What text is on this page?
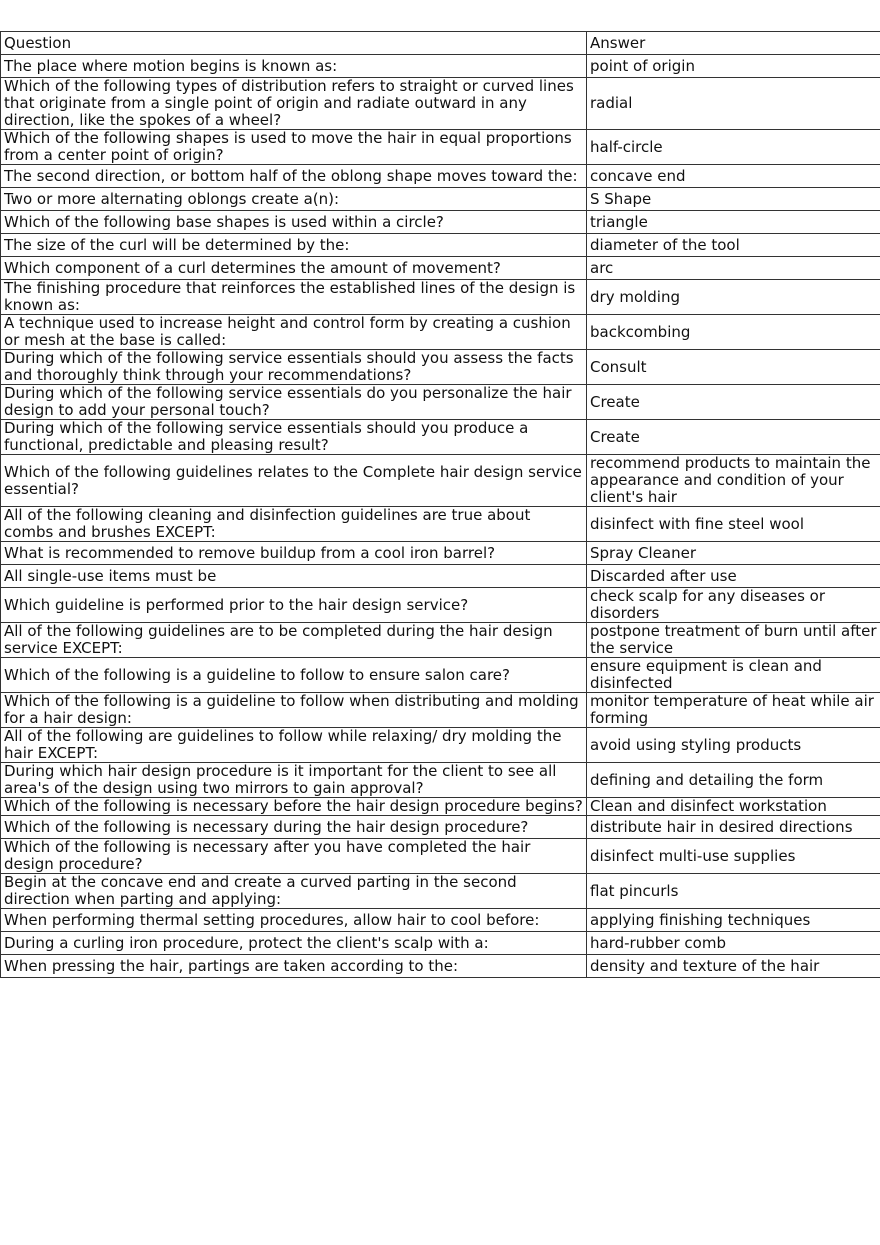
Question	Answer
The place where motion begins is known as:	point of origin
Which of the following types of distribution refers to straight or curved lines that originate from a single point of origin and radiate outward in any direction, like the spokes of a wheel?	radial
Which of the following shapes is used to move the hair in equal proportions from a center point of origin?	half-circle
The second direction, or bottom half of the oblong shape moves toward the:	concave end
Two or more alternating oblongs create a(n):	S Shape
Which of the following base shapes is used within a circle?	triangle
The size of the curl will be determined by the:	diameter of the tool
Which component of a curl determines the amount of movement?	arc
The finishing procedure that reinforces the established lines of the design is known as:	dry molding
A technique used to increase height and control form by creating a cushion or mesh at the base is called:	backcombing
During which of the following service essentials should you assess the facts and thoroughly think through your recommendations?	Consult
During which of the following service essentials do you personalize the hair design to add your personal touch?	Create
During which of the following service essentials should you produce a functional, predictable and pleasing result?	Create
Which of the following guidelines relates to the Complete hair design service essential?	recommend products to maintain the appearance and condition of your client's hair
All of the following cleaning and disinfection guidelines are true about combs and brushes EXCEPT:	disinfect with fine steel wool
What is recommended to remove buildup from a cool iron barrel?	Spray Cleaner
All single-use items must be	Discarded after use
Which guideline is performed prior to the hair design service?	check scalp for any diseases or disorders
All of the following guidelines are to be completed during the hair design service EXCEPT:	postpone treatment of burn until after the service
Which of the following is a guideline to follow to ensure salon care?	ensure equipment is clean and disinfected
Which of the following is a guideline to follow when distributing and molding for a hair design:	monitor temperature of heat while air forming
All of the following are guidelines to follow while relaxing/ dry molding the hair EXCEPT:	avoid using styling products
During which hair design procedure is it important for the client to see all area's of the design using two mirrors to gain approval?	defining and detailing the form
Which of the following is necessary before the hair design procedure begins?	Clean and disinfect workstation
Which of the following is necessary during the hair design procedure?	distribute hair in desired directions
Which of the following is necessary after you have completed the hair design procedure?	disinfect multi-use supplies
Begin at the concave end and create a curved parting in the second direction when parting and applying:	flat pincurls
When performing thermal setting procedures, allow hair to cool before:	applying finishing techniques
During a curling iron procedure, protect the client's scalp with a:	hard-rubber comb
When pressing the hair, partings are taken according to the:	density and texture of the hair
